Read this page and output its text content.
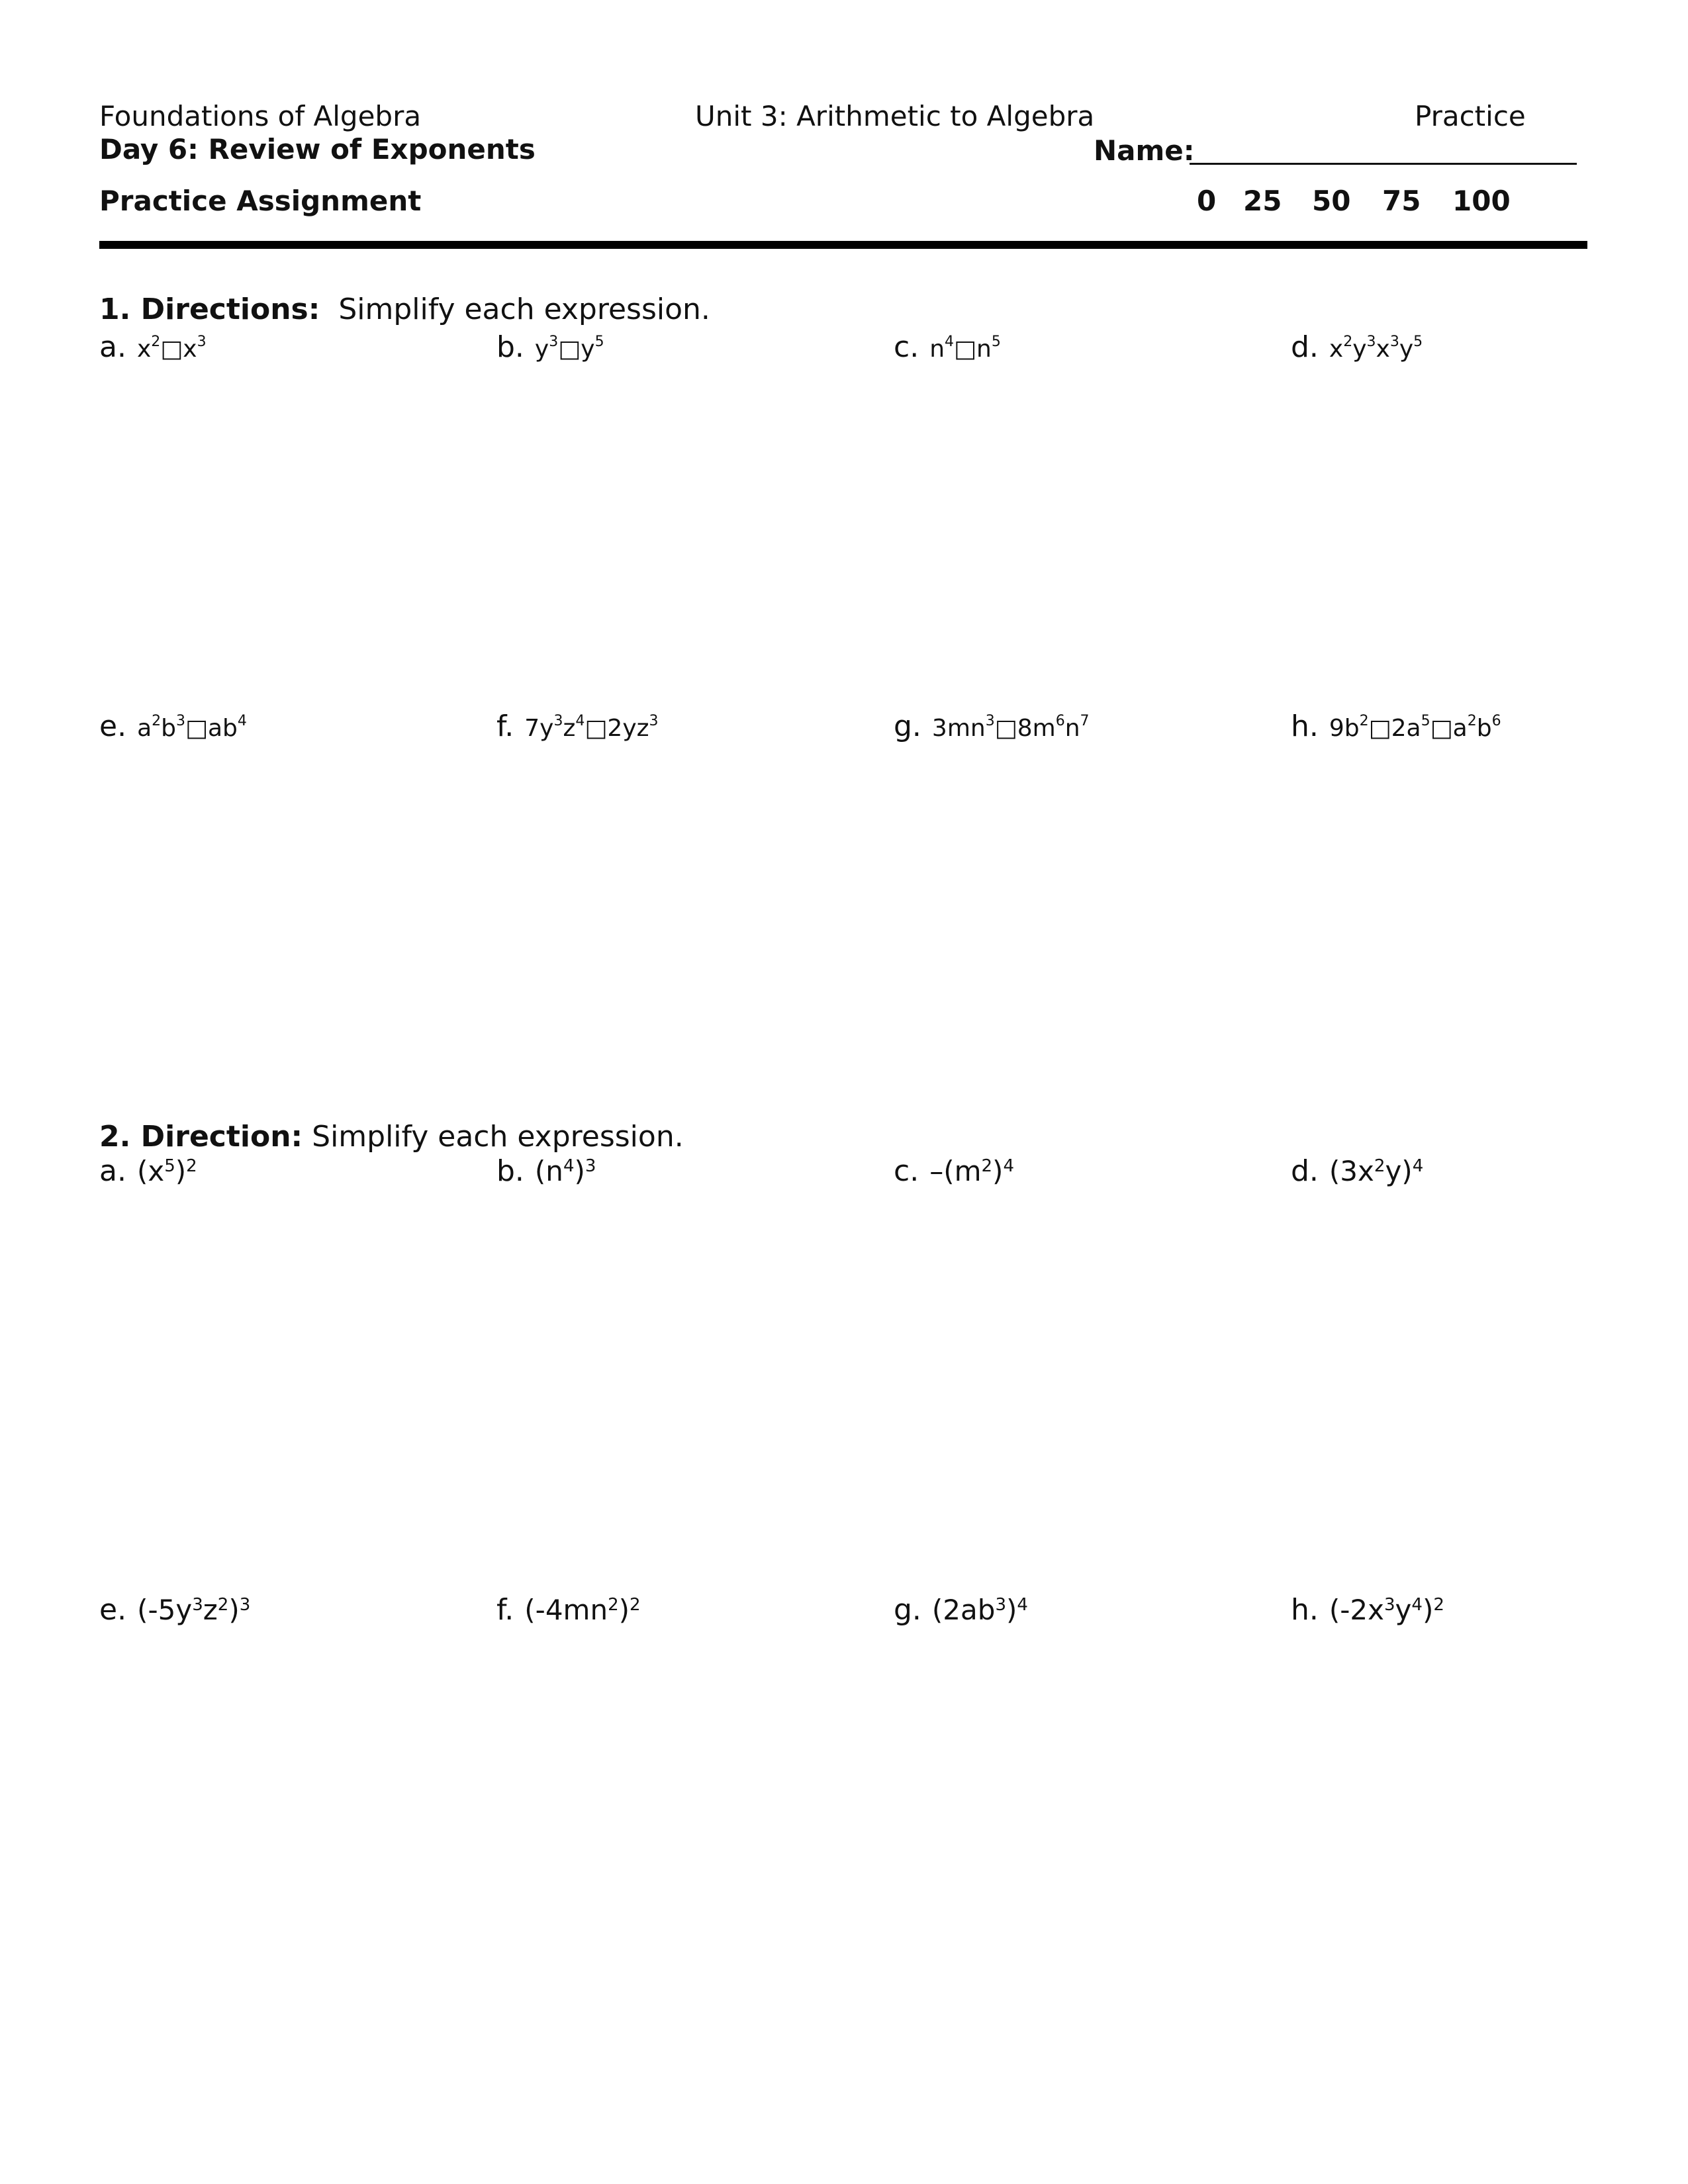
Foundations of Algebra	Unit 3: Arithmetic to Algebra	Practice
Day 6: Review of Exponents	Name:
Practice Assignment	0 25 50 75 100
1. Directions: Simplify each expression.
a. $x^2□x^3$	b. $y^3□y^5$	c. $n^4□n^5$	d. $x^2y^3x^3y^5$
e. $a^2b^3□ab^4$	f. $7y^3z^4□2yz^3$	g. $3mn^3□8m^6n^7$	h. $9b^2□2a^5□a^2b^6$
2. Direction: Simplify each expression.
a. $(x^5)^2$	b. $(n^4)^3$	c. $-(m^2)^4$	d. $(3x^2y)^4$
e. $(-5y^3z^2)^3$	f. $(-4mn^2)^2$	g. $(2ab^3)^4$	h. $(-2x^3y^4)^2$
